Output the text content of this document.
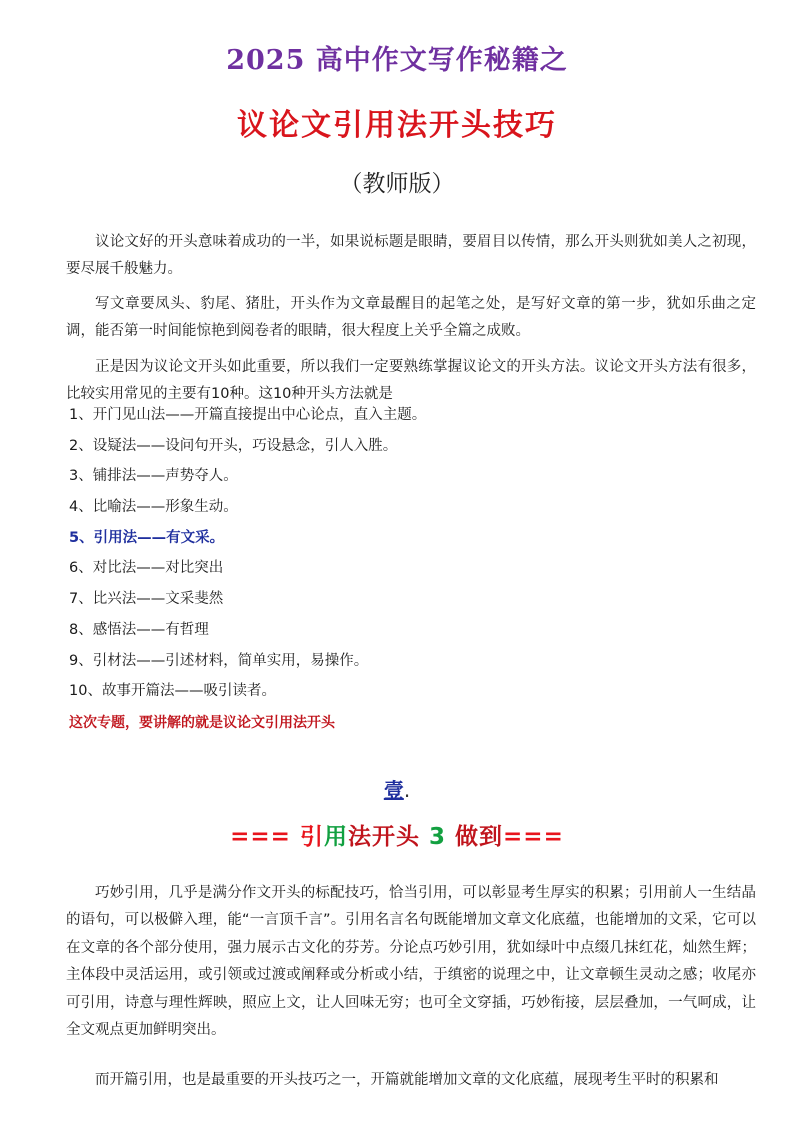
2025 高中作文写作秘籍之
议论文引用法开头技巧
（教师版）

议论文好的开头意味着成功的一半，如果说标题是眼睛，要眉目以传情，那么开头则犹如美人之初现，要尽展千般魅力。

写文章要凤头、豹尾、猪肚，开头作为文章最醒目的起笔之处，是写好文章的第一步，犹如乐曲之定调，能否第一时间能惊艳到阅卷者的眼睛，很大程度上关乎全篇之成败。

正是因为议论文开头如此重要，所以我们一定要熟练掌握议论文的开头方法。议论文开头方法有很多，比较实用常见的主要有10种。这10种开头方法就是

1、开门见山法——开篇直接提出中心论点，直入主题。
2、设疑法——设问句开头，巧设悬念，引人入胜。
3、铺排法——声势夺人。
4、比喻法——形象生动。
5、引用法——有文采。
6、对比法——对比突出
7、比兴法——文采斐然
8、感悟法——有哲理
9、引材法——引述材料，简单实用，易操作。
10、故事开篇法——吸引读者。
这次专题，要讲解的就是议论文引用法开头
壹.
=== 引用法开头 3 做到===

巧妙引用，几乎是满分作文开头的标配技巧，恰当引用，可以彰显考生厚实的积累；引用前人一生结晶的语句，可以极僻入理，能“一言顶千言”。引用名言名句既能增加文章文化底蕴，也能增加的文采，它可以在文章的各个部分使用，强力展示古文化的芬芳。分论点巧妙引用，犹如绿叶中点缀几抹红花，灿然生辉；主体段中灵活运用，或引领或过渡或阐释或分析或小结，于缜密的说理之中，让文章顿生灵动之感；收尾亦可引用，诗意与理性辉映，照应上文，让人回味无穷；也可全文穿插，巧妙衔接，层层叠加，一气呵成，让全文观点更加鲜明突出。

而开篇引用，也是最重要的开头技巧之一，开篇就能增加文章的文化底蕴，展现考生平时的积累和
